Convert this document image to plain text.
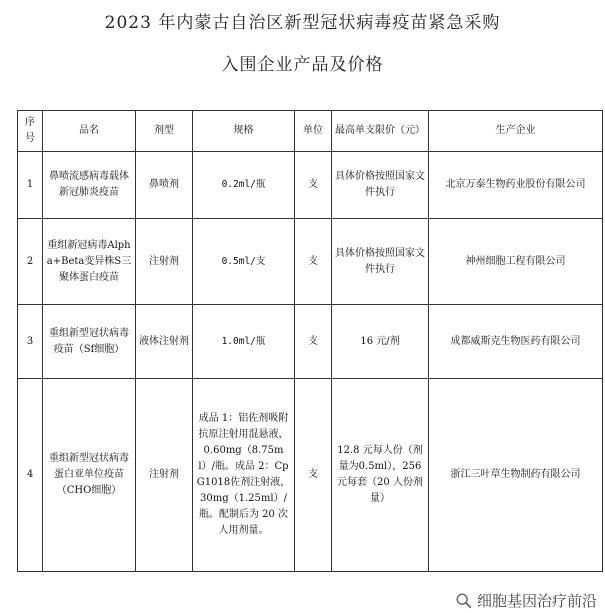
2023 年内蒙古自治区新型冠状病毒疫苗紧急采购
入围企业产品及价格
序号	品名	剂型	规格	单位	最高单支限价（元）	生产企业
1	鼻喷流感病毒载体新冠肺炎疫苗	鼻喷剂	0.2ml/瓶	支	具体价格按照国家文件执行	北京万泰生物药业股份有限公司
2	重组新冠病毒Alpha+Beta变异株S三聚体蛋白疫苗	注射剂	0.5ml/支	支	具体价格按照国家文件执行	神州细胞工程有限公司
3	重组新型冠状病毒疫苗（Sf细胞）	液体注射剂	1.0ml/瓶	支	16 元/剂	成都威斯克生物医药有限公司
4	重组新型冠状病毒蛋白亚单位疫苗（CHO细胞）	注射剂	成品 1：铝佐剂吸附抗原注射用混悬液，0.60mg（8.75ml）/瓶。成品 2：CpG1018佐剂注射液，30mg（1.25ml）/瓶。配制后为 20 次人用剂量。	支	12.8 元每人份（剂量为0.5ml），256 元每套（20 人份剂量）	浙江三叶草生物制药有限公司
细胞基因治疗前沿
